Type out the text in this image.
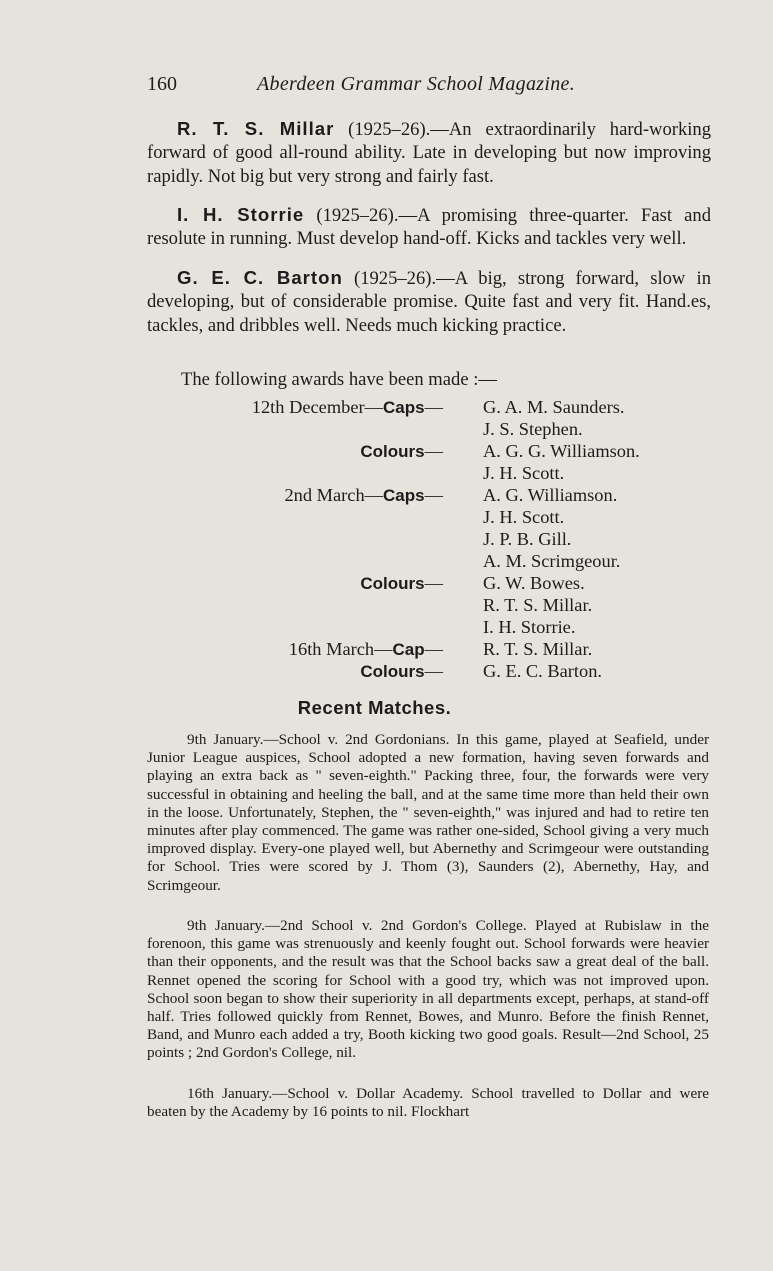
160	Aberdeen Grammar School Magazine.

R. T. S. Millar (1925–26).—An extraordinarily hard-working forward of good all-round ability. Late in developing but now improving rapidly. Not big but very strong and fairly fast.

I. H. Storrie (1925–26).—A promising three-quarter. Fast and resolute in running. Must develop hand-off. Kicks and tackles very well.

G. E. C. Barton (1925–26).—A big, strong forward, slow in developing, but of considerable promise. Quite fast and very fit. Hand.es, tackles, and dribbles well. Needs much kicking practice.

The following awards have been made :—
12th December—Caps— G. A. M. Saunders.
J. S. Stephen.
Colours— A. G. G. Williamson.
J. H. Scott.
2nd March—Caps— A. G. Williamson.
J. H. Scott.
J. P. B. Gill.
A. M. Scrimgeour.
Colours— G. W. Bowes.
R. T. S. Millar.
I. H. Storrie.
16th March—Cap— R. T. S. Millar.
Colours— G. E. C. Barton.
Recent Matches.

9th January.—School v. 2nd Gordonians. In this game, played at Seafield, under Junior League auspices, School adopted a new formation, having seven forwards and playing an extra back as " seven-eighth." Packing three, four, the forwards were very successful in obtaining and heeling the ball, and at the same time more than held their own in the loose. Unfortunately, Stephen, the " seven-eighth," was injured and had to retire ten minutes after play commenced. The game was rather one-sided, School giving a very much improved display. Every-one played well, but Abernethy and Scrimgeour were outstanding for School. Tries were scored by J. Thom (3), Saunders (2), Abernethy, Hay, and Scrimgeour.

9th January.—2nd School v. 2nd Gordon's College. Played at Rubislaw in the forenoon, this game was strenuously and keenly fought out. School forwards were heavier than their opponents, and the result was that the School backs saw a great deal of the ball. Rennet opened the scoring for School with a good try, which was not improved upon. School soon began to show their superiority in all departments except, perhaps, at stand-off half. Tries followed quickly from Rennet, Bowes, and Munro. Before the finish Rennet, Band, and Munro each added a try, Booth kicking two good goals. Result—2nd School, 25 points ; 2nd Gordon's College, nil.

16th January.—School v. Dollar Academy. School travelled to Dollar and were beaten by the Academy by 16 points to nil. Flockhart
